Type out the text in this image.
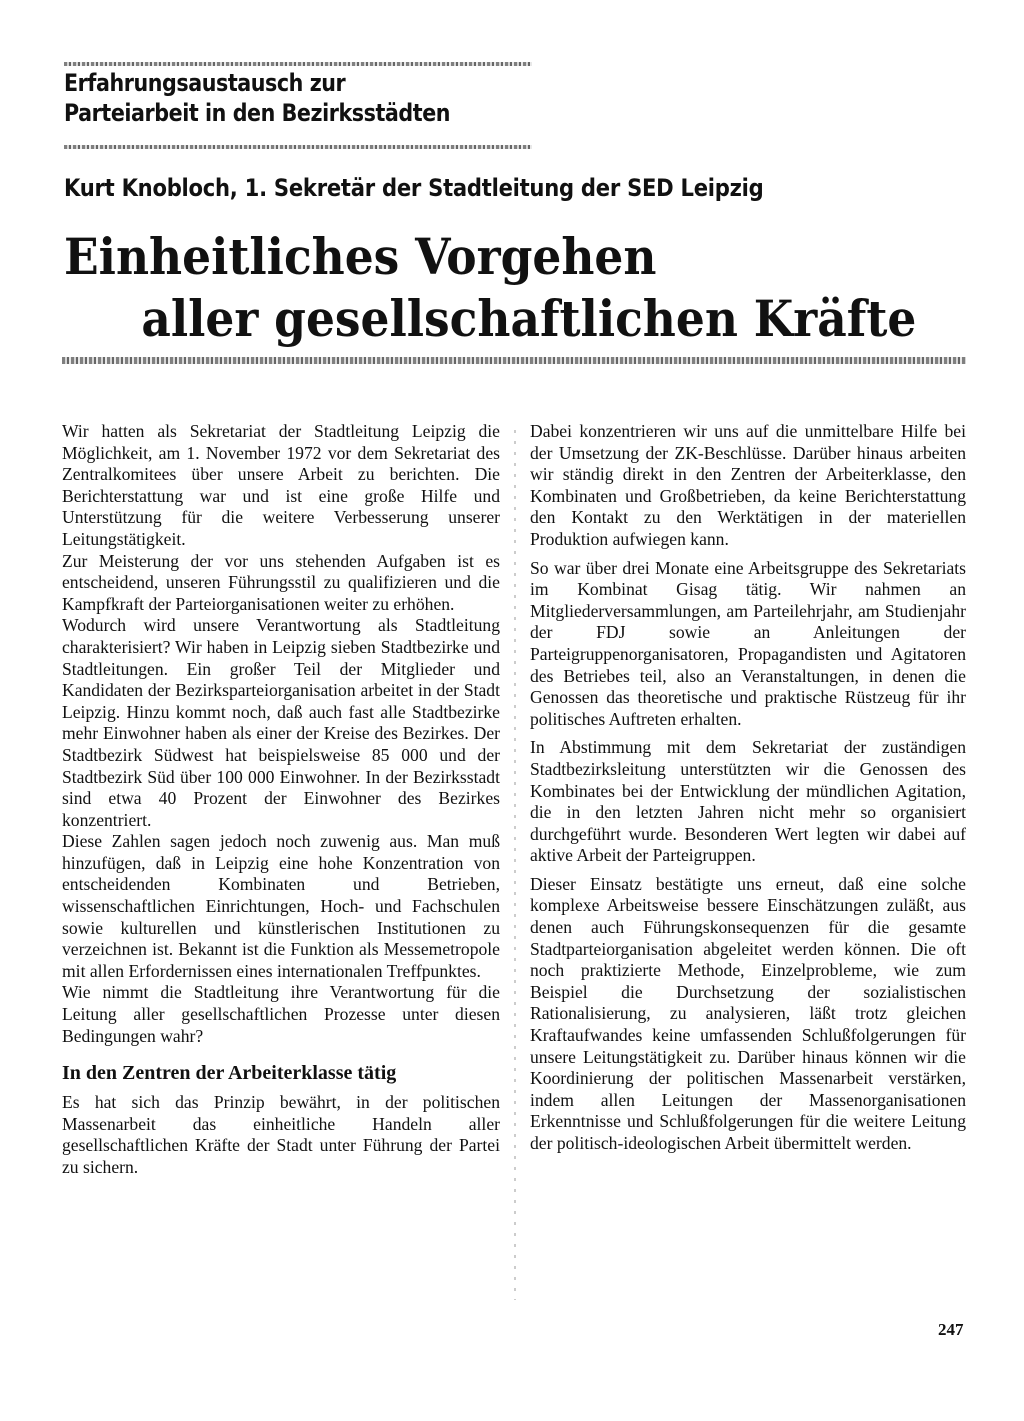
Erfahrungsaustausch zur
Parteiarbeit in den Bezirksstädten
Kurt Knobloch, 1. Sekretär der Stadtleitung der SED Leipzig
Einheitliches Vorgehen
aller gesellschaftlichen Kräfte

Wir hatten als Sekretariat der Stadtleitung Leipzig die Möglichkeit, am 1. November 1972 vor dem Sekretariat des Zentralkomitees über unsere Arbeit zu berichten. Die Berichterstattung war und ist eine große Hilfe und Unterstützung für die weitere Verbesserung unserer Leitungstätigkeit.

Zur Meisterung der vor uns stehenden Aufgaben ist es entscheidend, unseren Führungsstil zu qualifizieren und die Kampfkraft der Parteiorganisationen weiter zu erhöhen.

Wodurch wird unsere Verantwortung als Stadtleitung charakterisiert? Wir haben in Leipzig sieben Stadtbezirke und Stadtleitungen. Ein großer Teil der Mitglieder und Kandidaten der Bezirksparteiorganisation arbeitet in der Stadt Leipzig. Hinzu kommt noch, daß auch fast alle Stadtbezirke mehr Einwohner haben als einer der Kreise des Bezirkes. Der Stadtbezirk Südwest hat beispielsweise 85 000 und der Stadtbezirk Süd über 100 000 Einwohner. In der Bezirksstadt sind etwa 40 Prozent der Einwohner des Bezirkes konzentriert.

Diese Zahlen sagen jedoch noch zuwenig aus. Man muß hinzufügen, daß in Leipzig eine hohe Konzentration von entscheidenden Kombinaten und Betrieben, wissenschaftlichen Einrichtungen, Hoch- und Fachschulen sowie kulturellen und künstlerischen Institutionen zu verzeichnen ist. Bekannt ist die Funktion als Messemetropole mit allen Erfordernissen eines internationalen Treffpunktes.

Wie nimmt die Stadtleitung ihre Verantwortung für die Leitung aller gesellschaftlichen Prozesse unter diesen Bedingungen wahr?

In den Zentren der Arbeiterklasse tätig

Es hat sich das Prinzip bewährt, in der politischen Massenarbeit das einheitliche Handeln aller gesellschaftlichen Kräfte der Stadt unter Führung der Partei zu sichern.

Dabei konzentrieren wir uns auf die unmittelbare Hilfe bei der Umsetzung der ZK-Beschlüsse. Darüber hinaus arbeiten wir ständig direkt in den Zentren der Arbeiterklasse, den Kombinaten und Großbetrieben, da keine Berichterstattung den Kontakt zu den Werktätigen in der materiellen Produktion aufwiegen kann.

So war über drei Monate eine Arbeitsgruppe des Sekretariats im Kombinat Gisag tätig. Wir nahmen an Mitgliederversammlungen, am Parteilehrjahr, am Studienjahr der FDJ sowie an Anleitungen der Parteigruppenorganisatoren, Propagandisten und Agitatoren des Betriebes teil, also an Veranstaltungen, in denen die Genossen das theoretische und praktische Rüstzeug für ihr politisches Auftreten erhalten.

In Abstimmung mit dem Sekretariat der zuständigen Stadtbezirksleitung unterstützten wir die Genossen des Kombinates bei der Entwicklung der mündlichen Agitation, die in den letzten Jahren nicht mehr so organisiert durchgeführt wurde. Besonderen Wert legten wir dabei auf aktive Arbeit der Parteigruppen.

Dieser Einsatz bestätigte uns erneut, daß eine solche komplexe Arbeitsweise bessere Einschätzungen zuläßt, aus denen auch Führungskonsequenzen für die gesamte Stadtparteiorganisation abgeleitet werden können. Die oft noch praktizierte Methode, Einzelprobleme, wie zum Beispiel die Durchsetzung der sozialistischen Rationalisierung, zu analysieren, läßt trotz gleichen Kraftaufwandes keine umfassenden Schlußfolgerungen für unsere Leitungstätigkeit zu. Darüber hinaus können wir die Koordinierung der politischen Massenarbeit verstärken, indem allen Leitungen der Massenorganisationen Erkenntnisse und Schlußfolgerungen für die weitere Leitung der politisch-ideologischen Arbeit übermittelt werden.

247
